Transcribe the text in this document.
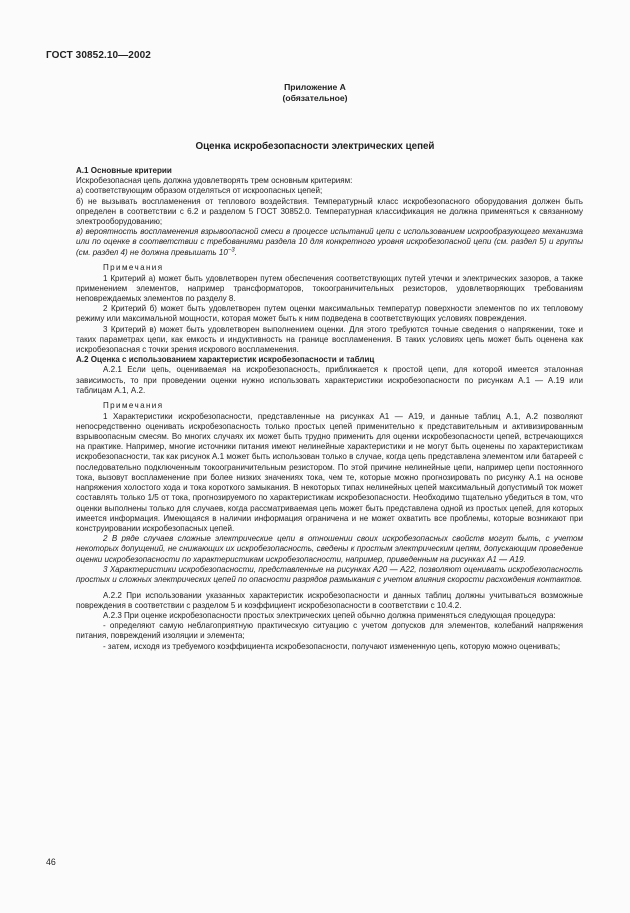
ГОСТ 30852.10—2002
Приложение А
(обязательное)
Оценка искробезопасности электрических цепей

А.1 Основные критерии

Искробезопасная цепь должна удовлетворять трем основным критериям:

а) соответствующим образом отделяться от искроопасных цепей;

б) не вызывать воспламенения от теплового воздействия. Температурный класс искробезопасного оборудования должен быть определен в соответствии с 6.2 и разделом 5 ГОСТ 30852.0. Температурная классификация не должна применяться к связанному электрооборудованию;

в) вероятность воспламенения взрывоопасной смеси в процессе испытаний цепи с использованием искрообразующего механизма или по оценке в соответствии с требованиями раздела 10 для конкретного уровня искробезопасной цепи (см. раздел 5) и группы (см. раздел 4) не должна превышать $10^{-3}$.

Примечания

1 Критерий а) может быть удовлетворен путем обеспечения соответствующих путей утечки и электрических зазоров, а также применением элементов, например трансформаторов, токоограничительных резисторов, удовлетворяющих требованиям неповреждаемых элементов по разделу 8.

2 Критерий б) может быть удовлетворен путем оценки максимальных температур поверхности элементов по их тепловому режиму или максимальной мощности, которая может быть к ним подведена в соответствующих условиях повреждения.

3 Критерий в) может быть удовлетворен выполнением оценки. Для этого требуются точные сведения о напряжении, токе и таких параметрах цепи, как емкость и индуктивность на границе воспламенения. В таких условиях цепь может быть оценена как искробезопасная с точки зрения искрового воспламенения.

А.2 Оценка с использованием характеристик искробезопасности и таблиц

А.2.1 Если цепь, оцениваемая на искробезопасность, приближается к простой цепи, для которой имеется эталонная зависимость, то при проведении оценки нужно использовать характеристики искробезопасности по рисункам А.1 — А.19 или таблицам А.1, А.2.

Примечания

1 Характеристики искробезопасности, представленные на рисунках А1 — А19, и данные таблиц А.1, А.2 позволяют непосредственно оценивать искробезопасность только простых цепей применительно к представительным и активизированным взрывоопасным смесям. Во многих случаях их может быть трудно применить для оценки искробезопасности цепей, встречающихся на практике. Например, многие источники питания имеют нелинейные характеристики и не могут быть оценены по характеристикам искробезопасности, так как рисунок А.1 может быть использован только в случае, когда цепь представлена элементом или батареей с последовательно подключенным токоограничительным резистором. По этой причине нелинейные цепи, например цепи постоянного тока, вызовут воспламенение при более низких значениях тока, чем те, которые можно прогнозировать по рисунку А.1 на основе напряжения холостого хода и тока короткого замыкания. В некоторых типах нелинейных цепей максимальный допустимый ток может составлять только 1/5 от тока, прогнозируемого по характеристикам искробезопасности. Необходимо тщательно убедиться в том, что оценки выполнены только для случаев, когда рассматриваемая цепь может быть представлена одной из простых цепей, для которых имеется информация. Имеющаяся в наличии информация ограничена и не может охватить все проблемы, которые возникают при конструировании искробезопасных цепей.

2 В ряде случаев сложные электрические цепи в отношении своих искробезопасных свойств могут быть, с учетом некоторых допущений, не снижающих их искробезопасность, сведены к простым электрическим цепям, допускающим проведение оценки искробезопасности по характеристикам искробезопасности, например, приведенным на рисунках А1 — А19.

3 Характеристики искробезопасности, представленные на рисунках А20 — А22, позволяют оценивать искробезопасность простых и сложных электрических цепей по опасности разрядов размыкания с учетом влияния скорости расхождения контактов.

А.2.2 При использовании указанных характеристик искробезопасности и данных таблиц должны учитываться возможные повреждения в соответствии с разделом 5 и коэффициент искробезопасности в соответствии с 10.4.2.

А.2.3 При оценке искробезопасности простых электрических цепей обычно должна применяться следующая процедура:

- определяют самую неблагоприятную практическую ситуацию с учетом допусков для элементов, колебаний напряжения питания, повреждений изоляции и элемента;

- затем, исходя из требуемого коэффициента искробезопасности, получают измененную цепь, которую можно оценивать;

46
